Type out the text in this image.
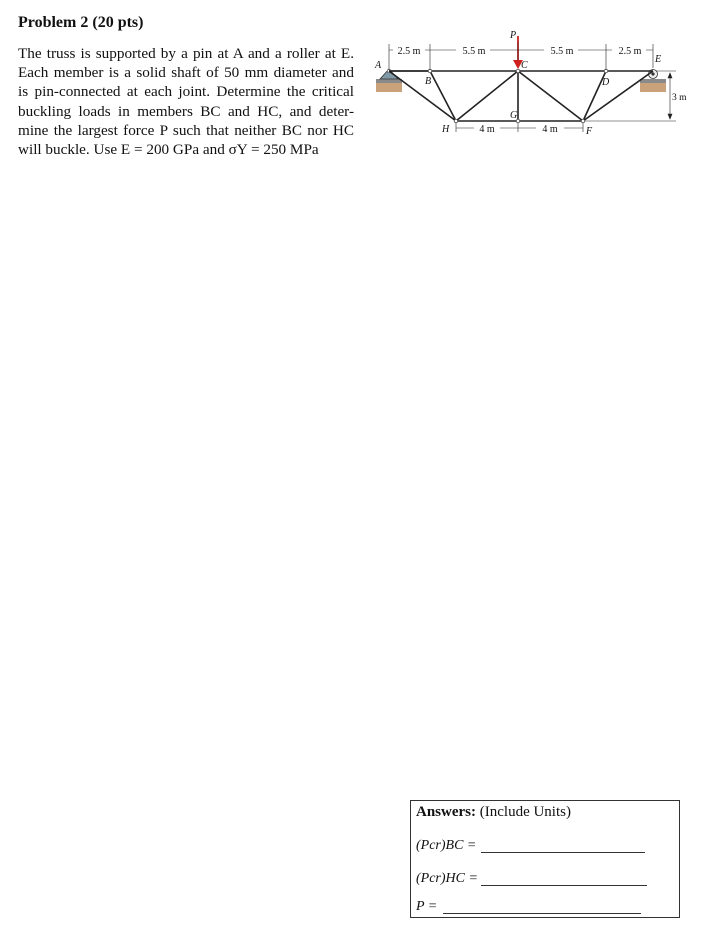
Problem 2 (20 pts)
The truss is supported by a pin at A and a roller at E.
Each member is a solid shaft of 50 mm diameter and
is pin-connected at each joint. Determine the critical
buckling loads in members BC and HC, and deter-
mine the largest force P such that neither BC nor HC
will buckle. Use E = 200 GPa and σY = 250 MPa
2.5 m	5.5 m	5.5 m	2.5 m
4 m	4 m
3 m
A
B
C
D
E
F
G
H
P
Answers: (Include Units)
(Pcr)BC =
(Pcr)HC =
P =
